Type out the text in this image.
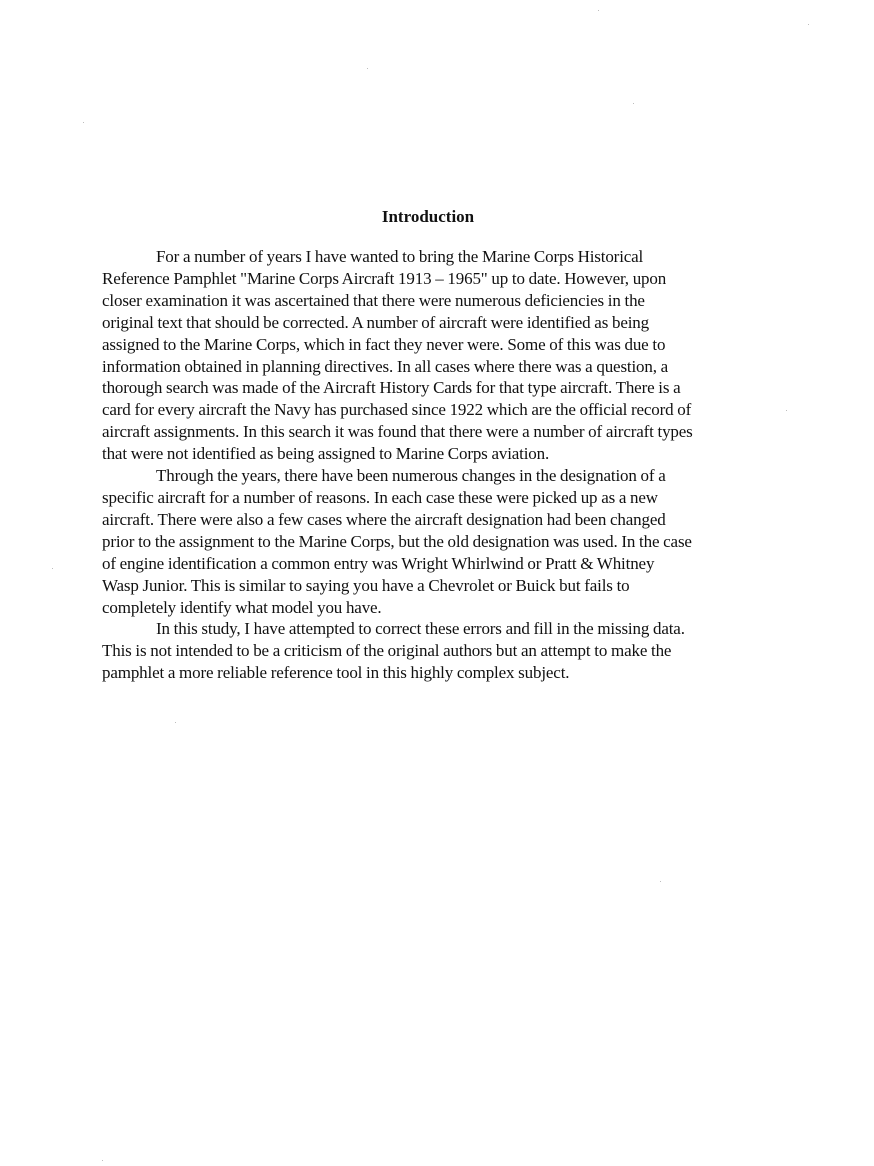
Introduction

For a number of years I have wanted to bring the Marine Corps Historical
Reference Pamphlet "Marine Corps Aircraft 1913 – 1965" up to date. However, upon
closer examination it was ascertained that there were numerous deficiencies in the
original text that should be corrected. A number of aircraft were identified as being
assigned to the Marine Corps, which in fact they never were. Some of this was due to
information obtained in planning directives. In all cases where there was a question, a
thorough search was made of the Aircraft History Cards for that type aircraft. There is a
card for every aircraft the Navy has purchased since 1922 which are the official record of
aircraft assignments. In this search it was found that there were a number of aircraft types
that were not identified as being assigned to Marine Corps aviation.

Through the years, there have been numerous changes in the designation of a
specific aircraft for a number of reasons. In each case these were picked up as a new
aircraft. There were also a few cases where the aircraft designation had been changed
prior to the assignment to the Marine Corps, but the old designation was used. In the case
of engine identification a common entry was Wright Whirlwind or Pratt & Whitney
Wasp Junior. This is similar to saying you have a Chevrolet or Buick but fails to
completely identify what model you have.

In this study, I have attempted to correct these errors and fill in the missing data.
This is not intended to be a criticism of the original authors but an attempt to make the
pamphlet a more reliable reference tool in this highly complex subject.
